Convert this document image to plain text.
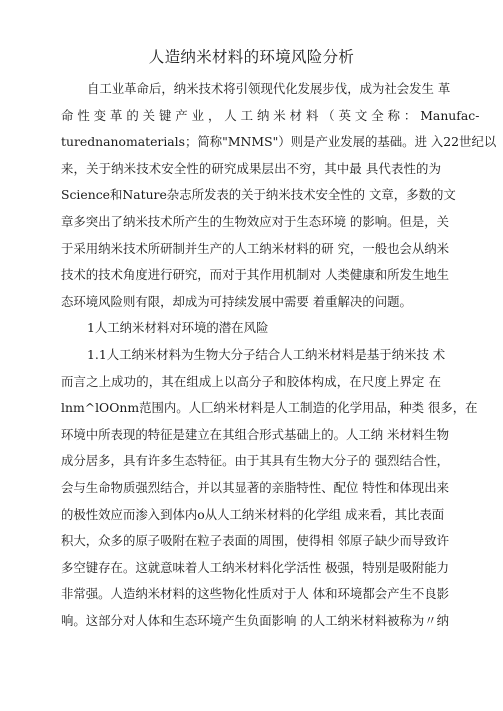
人造纳米材料的环境风险分析
自工业革命后，纳米技术将引领现代化发展步伐，成为社会发生 革
命 性 变 革 的 关 键 产 业 ， 人 工 纳 米 材 料 （ 英 文 全 称 ： Manufac-
turednanomaterials；简称"MNMS"）则是产业发展的基础。进 入22世纪以
来，关于纳米技术安全性的研究成果层出不穷，其中最 具代表性的为
Science和Nature杂志所发表的关于纳米技术安全性的 文章，多数的文
章多突出了纳米技术所产生的生物效应对于生态环境 的影响。但是，关
于采用纳米技术所研制并生产的人工纳米材料的研 究，一般也会从纳米
技术的技术角度进行研究，而对于其作用机制对 人类健康和所发生地生
态环境风险则有限，却成为可持续发展中需要 着重解决的问题。
1人工纳米材料对环境的潜在风险
1.1人工纳米材料为生物大分子结合人工纳米材料是基于纳米技 术
而言之上成功的，其在组成上以高分子和胶体构成，在尺度上界定 在
lnm^lOOnm范围内。人匚纳米材料是人工制造的化学用品，种类 很多，在
环境中所表现的特征是建立在其组合形式基础上的。人工纳 米材料生物
成分居多，具有许多生态特征。由于其具有生物大分子的 强烈结合性，
会与生命物质强烈结合，并以其显著的亲脂特性、配位 特性和体现出来
的极性效应而渗入到体内ο从人工纳米材料的化学组 成来看，其比表面
积大，众多的原子吸附在粒子表面的周围，使得相 邻原子缺少而导致许
多空键存在。这就意味着人工纳米材料化学活性 极强，特别是吸附能力
非常强。人造纳米材料的这些物化性质对于人 体和环境都会产生不良影
响。这部分对人体和生态环境产生负面影响 的人工纳米材料被称为〃纳
